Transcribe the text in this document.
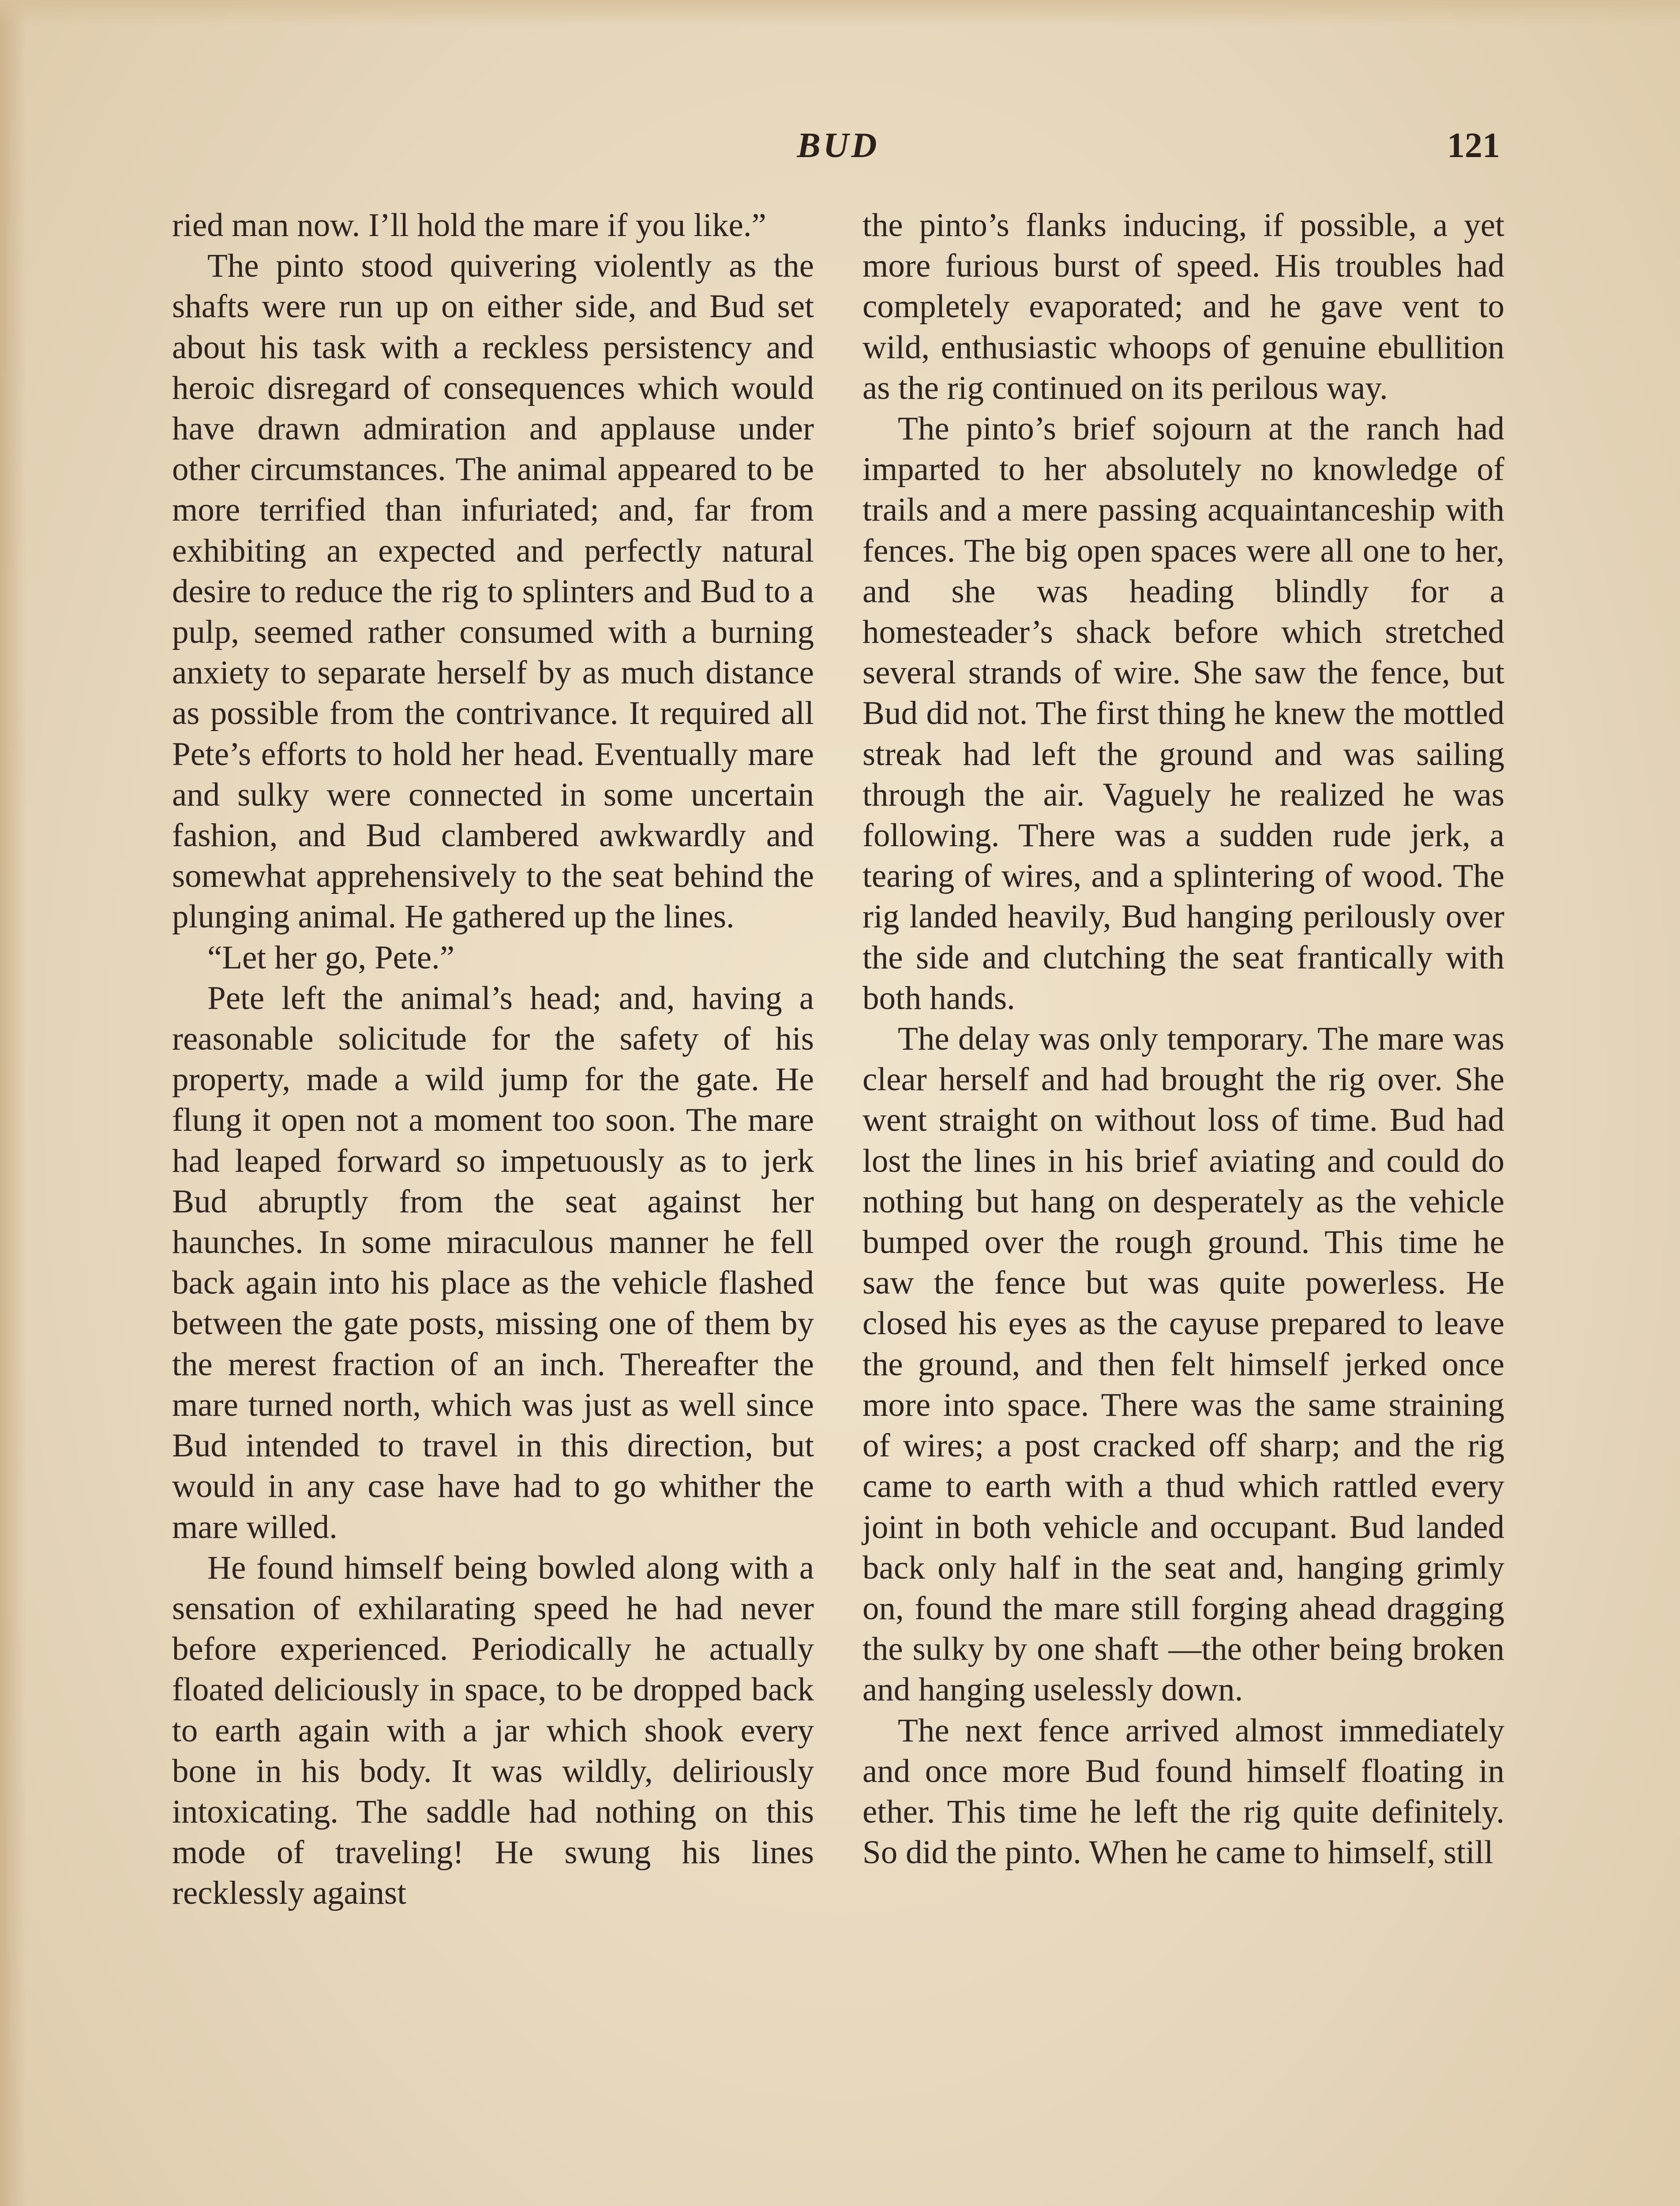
BUD	121

ried man now. I’ll hold the mare if you like.”

The pinto stood quivering violently as the shafts were run up on either side, and Bud set about his task with a reckless persistency and heroic disregard of consequences which would have drawn admiration and applause under other circumstances. The animal appeared to be more terrified than infuriated; and, far from exhibiting an expected and perfectly natural desire to reduce the rig to splinters and Bud to a pulp, seemed rather consumed with a burning anxiety to separate herself by as much distance as possible from the contrivance. It required all Pete’s efforts to hold her head. Eventually mare and sulky were connected in some uncertain fashion, and Bud clambered awkwardly and somewhat apprehensively to the seat behind the plunging animal. He gathered up the lines.

“Let her go, Pete.”

Pete left the animal’s head; and, having a reasonable solicitude for the safety of his property, made a wild jump for the gate. He flung it open not a moment too soon. The mare had leaped forward so impetuously as to jerk Bud abruptly from the seat against her haunches. In some miraculous manner he fell back again into his place as the vehicle flashed between the gate posts, missing one of them by the merest fraction of an inch. Thereafter the mare turned north, which was just as well since Bud intended to travel in this direction, but would in any case have had to go whither the mare willed.

He found himself being bowled along with a sensation of exhilarating speed he had never before experienced. Periodically he actually floated deliciously in space, to be dropped back to earth again with a jar which shook every bone in his body. It was wildly, deliriously intoxicating. The saddle had nothing on this mode of traveling! He swung his lines recklessly against

the pinto’s flanks inducing, if possible, a yet more furious burst of speed. His troubles had completely evaporated; and he gave vent to wild, enthusiastic whoops of genuine ebullition as the rig continued on its perilous way.

The pinto’s brief sojourn at the ranch had imparted to her absolutely no knowledge of trails and a mere passing acquaintanceship with fences. The big open spaces were all one to her, and she was heading blindly for a homesteader’s shack before which stretched several strands of wire. She saw the fence, but Bud did not. The first thing he knew the mottled streak had left the ground and was sailing through the air. Vaguely he realized he was following. There was a sudden rude jerk, a tearing of wires, and a splintering of wood. The rig landed heavily, Bud hanging perilously over the side and clutching the seat frantically with both hands.

The delay was only temporary. The mare was clear herself and had brought the rig over. She went straight on without loss of time. Bud had lost the lines in his brief aviating and could do nothing but hang on desperately as the vehicle bumped over the rough ground. This time he saw the fence but was quite powerless. He closed his eyes as the cayuse prepared to leave the ground, and then felt himself jerked once more into space. There was the same straining of wires; a post cracked off sharp; and the rig came to earth with a thud which rattled every joint in both vehicle and occupant. Bud landed back only half in the seat and, hanging grimly on, found the mare still forging ahead dragging the sulky by one shaft —the other being broken and hanging uselessly down.

The next fence arrived almost immediately and once more Bud found himself floating in ether. This time he left the rig quite definitely. So did the pinto. When he came to himself, still
